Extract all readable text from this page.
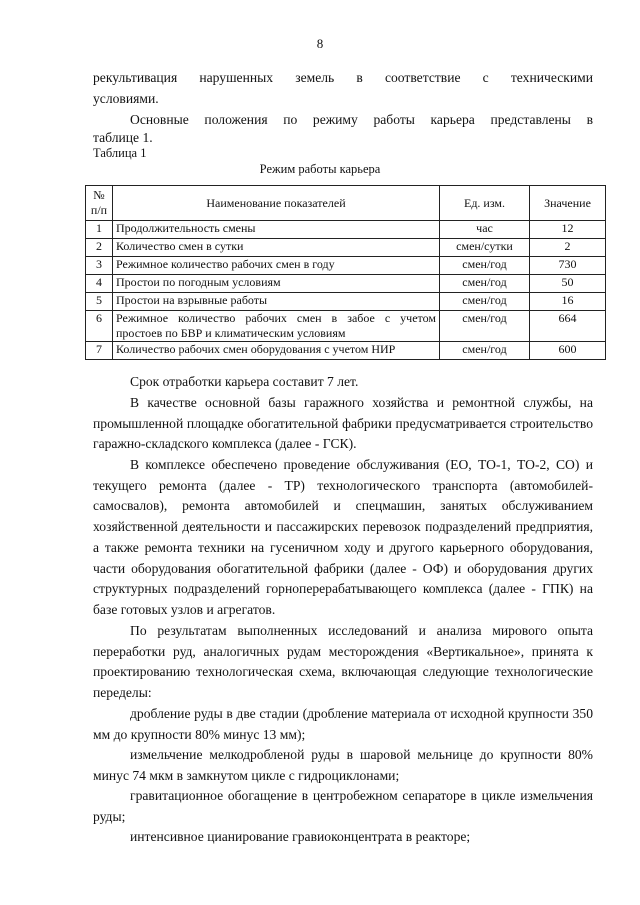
8

рекультивация нарушенных земель в соответствие с техническими

условиями.

Основные положения по режиму работы карьера представлены в

таблице 1.

Таблица 1
Режим работы карьера
№ п/п	Наименование показателей	Ед. изм.	Значение
1	Продолжительность смены	час	12
2	Количество смен в сутки	смен/сутки	2
3	Режимное количество рабочих смен в году	смен/год	730
4	Простои по погодным условиям	смен/год	50
5	Простои на взрывные работы	смен/год	16
6	Режимное количество рабочих смен в забое с учетом простоев по БВР и климатическим условиям	смен/год	664
7	Количество рабочих смен оборудования с учетом НИР	смен/год	600

Срок отработки карьера составит 7 лет.

В качестве основной базы гаражного хозяйства и ремонтной службы, на промышленной площадке обогатительной фабрики предусматривается строительство гаражно-складского комплекса (далее - ГСК).

В комплексе обеспечено проведение обслуживания (ЕО, ТО-1, ТО-2, СО) и текущего ремонта (далее - ТР) технологического транспорта (автомобилей-самосвалов), ремонта автомобилей и спецмашин, занятых обслуживанием хозяйственной деятельности и пассажирских перевозок подразделений предприятия, а также ремонта техники на гусеничном ходу и другого карьерного оборудования, части оборудования обогатительной фабрики (далее - ОФ) и оборудования других структурных подразделений горноперерабатывающего комплекса (далее - ГПК) на базе готовых узлов и агрегатов.

По результатам выполненных исследований и анализа мирового опыта переработки руд, аналогичных рудам месторождения «Вертикальное», принята к проектированию технологическая схема, включающая следующие технологические переделы:

дробление руды в две стадии (дробление материала от исходной крупности 350 мм до крупности 80% минус 13 мм);

измельчение мелкодробленой руды в шаровой мельнице до крупности 80% минус 74 мкм в замкнутом цикле с гидроциклонами;

гравитационное обогащение в центробежном сепараторе в цикле измельчения руды;

интенсивное цианирование гравиоконцентрата в реакторе;
